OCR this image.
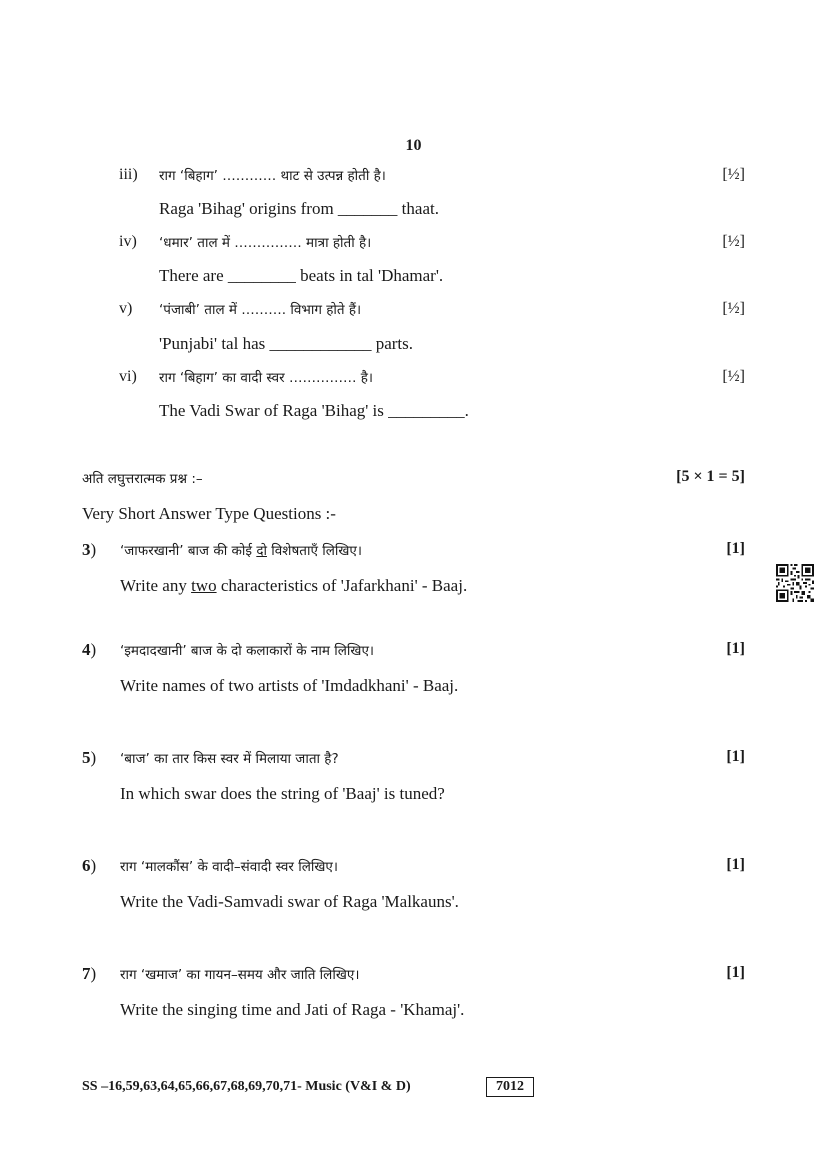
10
iii) राग ‘बिहाग’ ………… थाट से उत्पन्न होती है।	[½]
Raga 'Bihag' origins from _______ thaat.
iv) ‘धमार’ ताल में …………… मात्रा होती है।	[½]
There are ________ beats in tal 'Dhamar'.
v) ‘पंजाबी’ ताल में ………. विभाग होते हैं।	[½]
'Punjabi' tal has ____________ parts.
vi) राग ‘बिहाग’ का वादी स्वर …………… है।	[½]
The Vadi Swar of Raga 'Bihag' is _________.
अति लघुत्तरात्मक प्रश्न :–	[5 × 1 = 5]
Very Short Answer Type Questions :-
3) ‘जाफरखानी’ बाज की कोई दो विशेषताएँ लिखिए।	[1]
Write any two characteristics of 'Jafarkhani' - Baaj.
4) ‘इमदादखानी’ बाज के दो कलाकारों के नाम लिखिए।	[1]
Write names of two artists of 'Imdadkhani' - Baaj.
5) ‘बाज’ का तार किस स्वर में मिलाया जाता है?	[1]
In which swar does the string of 'Baaj' is tuned?
6) राग ‘मालकौंस’ के वादी–संवादी स्वर लिखिए।	[1]
Write the Vadi-Samvadi swar of Raga 'Malkauns'.
7) राग ‘खमाज’ का गायन–समय और जाति लिखिए।	[1]
Write the singing time and Jati of Raga - 'Khamaj'.
SS –16,59,63,64,65,66,67,68,69,70,71- Music (V&I & D)	7012
